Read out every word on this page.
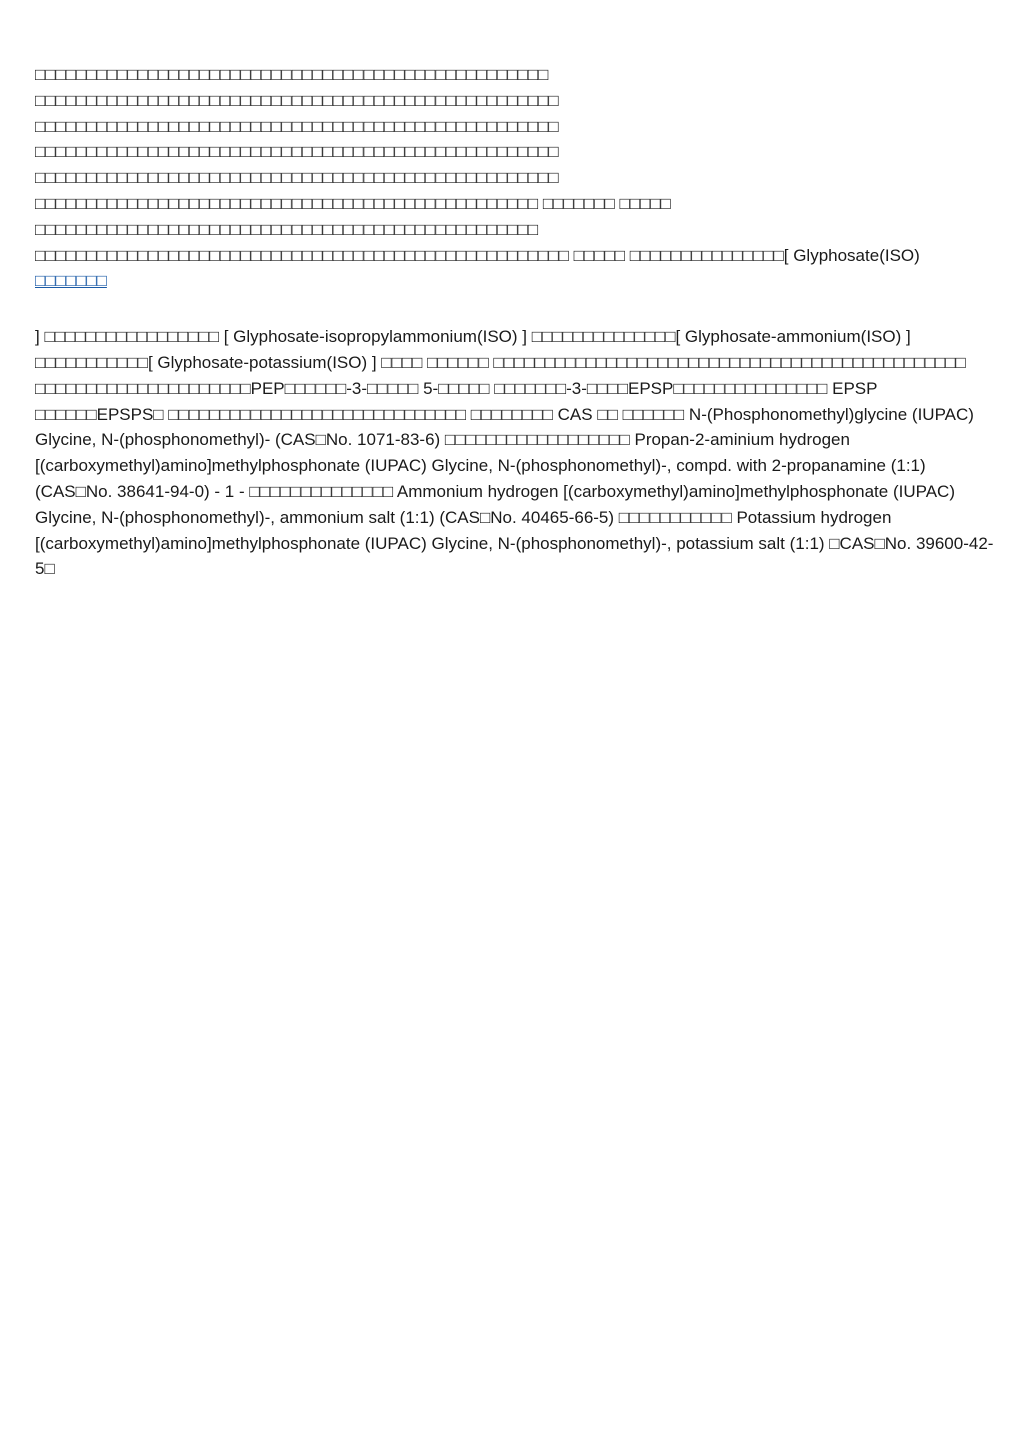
□□□□□□□□□□□□□□□□□□□□□□□□□□□□□□□□□□□□□□□□□□□□□□□□□□
□□□□□□□□□□□□□□□□□□□□□□□□□□□□□□□□□□□□□□□□□□□□□□□□□□□
□□□□□□□□□□□□□□□□□□□□□□□□□□□□□□□□□□□□□□□□□□□□□□□□□□□
□□□□□□□□□□□□□□□□□□□□□□□□□□□□□□□□□□□□□□□□□□□□□□□□□□□
□□□□□□□□□□□□□□□□□□□□□□□□□□□□□□□□□□□□□□□□□□□□□□□□□□□
□□□□□□□□□□□□□□□□□□□□□□□□□□□□□□□□□□□□□□□□□□□□□□□□□ □□□□□□□ □□□□□
□□□□□□□□□□□□□□□□□□□□□□□□□□□□□□□□□□□□□□□□□□□□□□□□□ □□□□□□□□□□□□□□□□□□□□□□□□□□□□□□□□□□□□□□□□□□□□□□□□□□□□ □□□□□ □□□□□□□□□□□□□□□[ Glyphosate(ISO) □□□□□□□
] □□□□□□□□□□□□□□□□□ [ Glyphosate-isopropylammonium(ISO) ] □□□□□□□□□□□□□□[ Glyphosate-ammonium(ISO) ] □□□□□□□□□□□[ Glyphosate-potassium(ISO) ] □□□□ □□□□□□ □□□□□□□□□□□□□□□□□□□□□□□□□□□□□□□□□□□□□□□□□□□□□□ □□□□□□□□□□□□□□□□□□□□□PEP□□□□□□-3-□□□□□ 5-□□□□□ □□□□□□□-3-□□□□EPSP□□□□□□□□□□□□□□□ EPSP □□□□□□EPSPS□ □□□□□□□□□□□□□□□□□□□□□□□□□□□□□ □□□□□□□□ CAS □□ □□□□□□ N-(Phosphonomethyl)glycine (IUPAC) Glycine, N-(phosphonomethyl)- (CAS□No. 1071-83-6) □□□□□□□□□□□□□□□□□□ Propan-2-aminium hydrogen [(carboxymethyl)amino]methylphosphonate (IUPAC) Glycine, N-(phosphonomethyl)-, compd. with 2-propanamine (1:1) (CAS□No. 38641-94-0) - 1 - □□□□□□□□□□□□□□ Ammonium hydrogen [(carboxymethyl)amino]methylphosphonate (IUPAC) Glycine, N-(phosphonomethyl)-, ammonium salt (1:1) (CAS□No. 40465-66-5) □□□□□□□□□□□ Potassium hydrogen [(carboxymethyl)amino]methylphosphonate (IUPAC) Glycine, N-(phosphonomethyl)-, potassium salt (1:1) □CAS□No. 39600-42-5□
